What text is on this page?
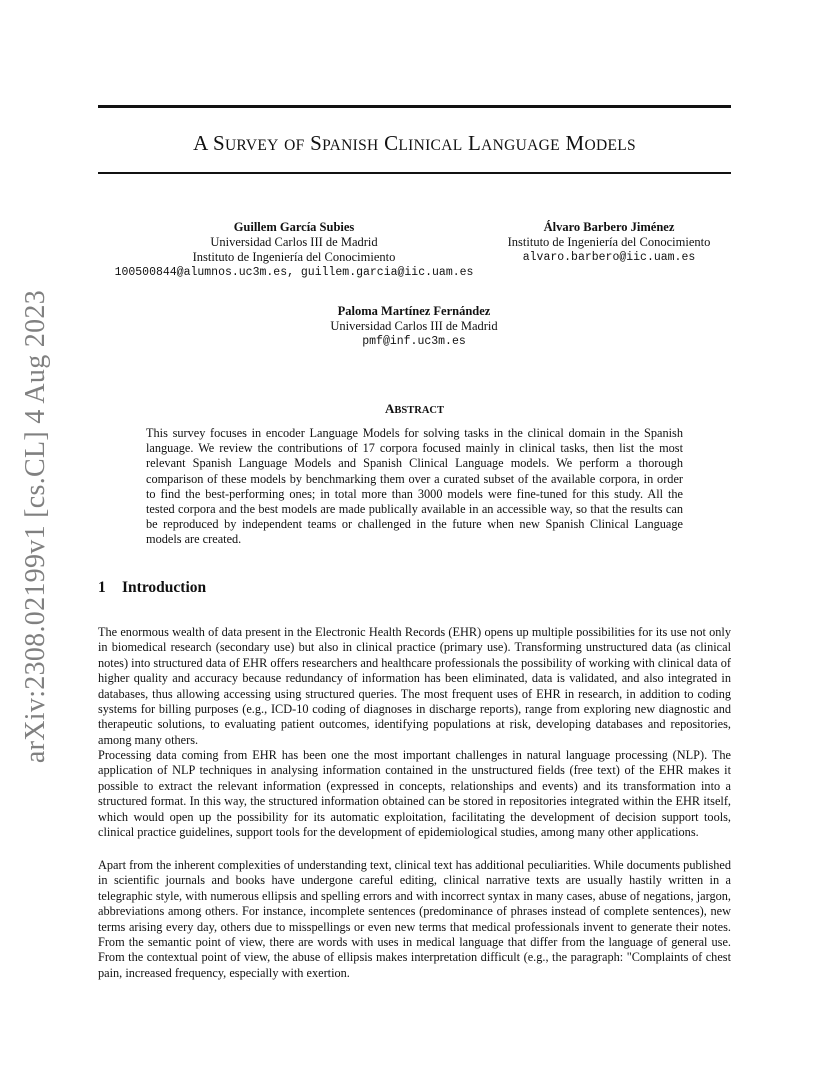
arXiv:2308.02199v1 [cs.CL] 4 Aug 2023
A SURVEY OF SPANISH CLINICAL LANGUAGE MODELS
Guillem García Subies
Universidad Carlos III de Madrid
Instituto de Ingeniería del Conocimiento
100500844@alumnos.uc3m.es, guillem.garcia@iic.uam.es
Álvaro Barbero Jiménez
Instituto de Ingeniería del Conocimiento
alvaro.barbero@iic.uam.es
Paloma Martínez Fernández
Universidad Carlos III de Madrid
pmf@inf.uc3m.es
ABSTRACT

This survey focuses in encoder Language Models for solving tasks in the clinical domain in the Spanish language. We review the contributions of 17 corpora focused mainly in clinical tasks, then list the most relevant Spanish Language Models and Spanish Clinical Language models. We perform a thorough comparison of these models by benchmarking them over a curated subset of the available corpora, in order to find the best-performing ones; in total more than 3000 models were fine-tuned for this study. All the tested corpora and the best models are made publically available in an accessible way, so that the results can be reproduced by independent teams or challenged in the future when new Spanish Clinical Language models are created.

1 Introduction

The enormous wealth of data present in the Electronic Health Records (EHR) opens up multiple possibilities for its use not only in biomedical research (secondary use) but also in clinical practice (primary use). Transforming unstructured data (as clinical notes) into structured data of EHR offers researchers and healthcare professionals the possibility of working with clinical data of higher quality and accuracy because redundancy of information has been eliminated, data is validated, and also integrated in databases, thus allowing accessing using structured queries. The most frequent uses of EHR in research, in addition to coding systems for billing purposes (e.g., ICD-10 coding of diagnoses in discharge reports), range from exploring new diagnostic and therapeutic solutions, to evaluating patient outcomes, identifying populations at risk, developing databases and repositories, among many others.

Processing data coming from EHR has been one the most important challenges in natural language processing (NLP). The application of NLP techniques in analysing information contained in the unstructured fields (free text) of the EHR makes it possible to extract the relevant information (expressed in concepts, relationships and events) and its transformation into a structured format. In this way, the structured information obtained can be stored in repositories integrated within the EHR itself, which would open up the possibility for its automatic exploitation, facilitating the development of decision support tools, clinical practice guidelines, support tools for the development of epidemiological studies, among many other applications.

Apart from the inherent complexities of understanding text, clinical text has additional peculiarities. While documents published in scientific journals and books have undergone careful editing, clinical narrative texts are usually hastily written in a telegraphic style, with numerous ellipsis and spelling errors and with incorrect syntax in many cases, abuse of negations, jargon, abbreviations among others. For instance, incomplete sentences (predominance of phrases instead of complete sentences), new terms arising every day, others due to misspellings or even new terms that medical professionals invent to generate their notes. From the semantic point of view, there are words with uses in medical language that differ from the language of general use. From the contextual point of view, the abuse of ellipsis makes interpretation difficult (e.g., the paragraph: "Complaints of chest pain, increased frequency, especially with exertion.
